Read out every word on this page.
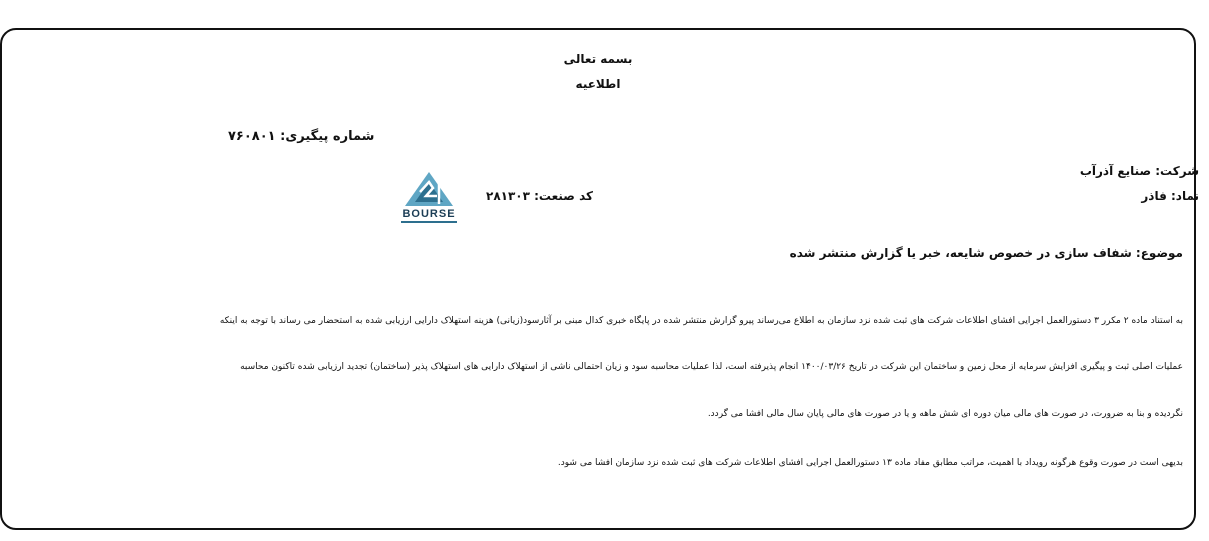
بسمه تعالی
اطلاعیه
شماره پیگیری: ۷۶۰۸۰۱
شرکت: صنایع آذرآب
نماد: فاذر
کد صنعت: ۲۸۱۳۰۳
BOURSE
موضوع: شفاف سازی در خصوص شایعه، خبر یا گزارش منتشر شده
به استناد ماده ۲ مکرر ۳ دستورالعمل اجرایی افشای اطلاعات شرکت های ثبت شده نزد سازمان به اطلاع می‌رساند پیرو گزارش منتشر شده در پایگاه خبری کدال مبنی بر آثارسود(زیانی) هزینه استهلاک دارایی ارزیابی شده به استحضار می رساند با توجه به اینکه
عملیات اصلی ثبت و پیگیری افزایش سرمایه از محل زمین و ساختمان این شرکت در تاریخ ۱۴۰۰/۰۳/۲۶ انجام پذیرفته است، لذا عملیات محاسبه سود و زیان احتمالی ناشی از استهلاک دارایی های استهلاک پذیر (ساختمان) تجدید ارزیابی شده تاکنون محاسبه
نگردیده و بنا به ضرورت، در صورت های مالی میان دوره ای شش ماهه و یا در صورت های مالی پایان سال مالی افشا می گردد.
بدیهی است در صورت وقوع هرگونه رویداد با اهمیت، مراتب مطابق مفاد ماده ۱۳ دستورالعمل اجرایی افشای اطلاعات شرکت های ثبت شده نزد سازمان افشا می شود.
